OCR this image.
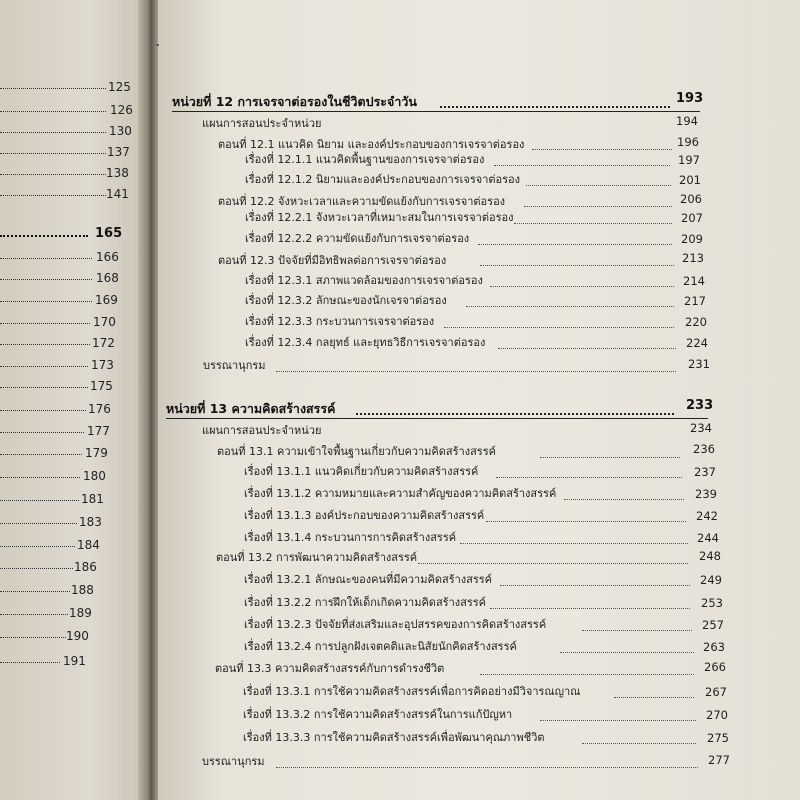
125
126
130
137
138
141
165
166
168
169
170
172
173
175
176
177
179
180
181
183
184
186
188
189
190
191
หน่วยที่ 12 การเจรจาต่อรองในชีวิตประจำวัน	193
แผนการสอนประจำหน่วย	194
ตอนที่ 12.1 แนวคิด นิยาม และองค์ประกอบของการเจรจาต่อรอง	196
เรื่องที่ 12.1.1 แนวคิดพื้นฐานของการเจรจาต่อรอง	197
เรื่องที่ 12.1.2 นิยามและองค์ประกอบของการเจรจาต่อรอง	201
ตอนที่ 12.2 จังหวะเวลาและความขัดแย้งกับการเจรจาต่อรอง	206
เรื่องที่ 12.2.1 จังหวะเวลาที่เหมาะสมในการเจรจาต่อรอง	207
เรื่องที่ 12.2.2 ความขัดแย้งกับการเจรจาต่อรอง	209
ตอนที่ 12.3 ปัจจัยที่มีอิทธิพลต่อการเจรจาต่อรอง	213
เรื่องที่ 12.3.1 สภาพแวดล้อมของการเจรจาต่อรอง	214
เรื่องที่ 12.3.2 ลักษณะของนักเจรจาต่อรอง	217
เรื่องที่ 12.3.3 กระบวนการเจรจาต่อรอง	220
เรื่องที่ 12.3.4 กลยุทธ์ และยุทธวิธีการเจรจาต่อรอง	224
บรรณานุกรม	231
หน่วยที่ 13 ความคิดสร้างสรรค์	233
แผนการสอนประจำหน่วย	234
ตอนที่ 13.1 ความเข้าใจพื้นฐานเกี่ยวกับความคิดสร้างสรรค์	236
เรื่องที่ 13.1.1 แนวคิดเกี่ยวกับความคิดสร้างสรรค์	237
เรื่องที่ 13.1.2 ความหมายและความสำคัญของความคิดสร้างสรรค์	239
เรื่องที่ 13.1.3 องค์ประกอบของความคิดสร้างสรรค์	242
เรื่องที่ 13.1.4 กระบวนการการคิดสร้างสรรค์	244
ตอนที่ 13.2 การพัฒนาความคิดสร้างสรรค์	248
เรื่องที่ 13.2.1 ลักษณะของคนที่มีความคิดสร้างสรรค์	249
เรื่องที่ 13.2.2 การฝึกให้เด็กเกิดความคิดสร้างสรรค์	253
เรื่องที่ 13.2.3 ปัจจัยที่ส่งเสริมและอุปสรรคของการคิดสร้างสรรค์	257
เรื่องที่ 13.2.4 การปลูกฝังเจตคติและนิสัยนักคิดสร้างสรรค์	263
ตอนที่ 13.3 ความคิดสร้างสรรค์กับการดำรงชีวิต	266
เรื่องที่ 13.3.1 การใช้ความคิดสร้างสรรค์เพื่อการคิดอย่างมีวิจารณญาณ	267
เรื่องที่ 13.3.2 การใช้ความคิดสร้างสรรค์ในการแก้ปัญหา	270
เรื่องที่ 13.3.3 การใช้ความคิดสร้างสรรค์เพื่อพัฒนาคุณภาพชีวิต	275
บรรณานุกรม	277
